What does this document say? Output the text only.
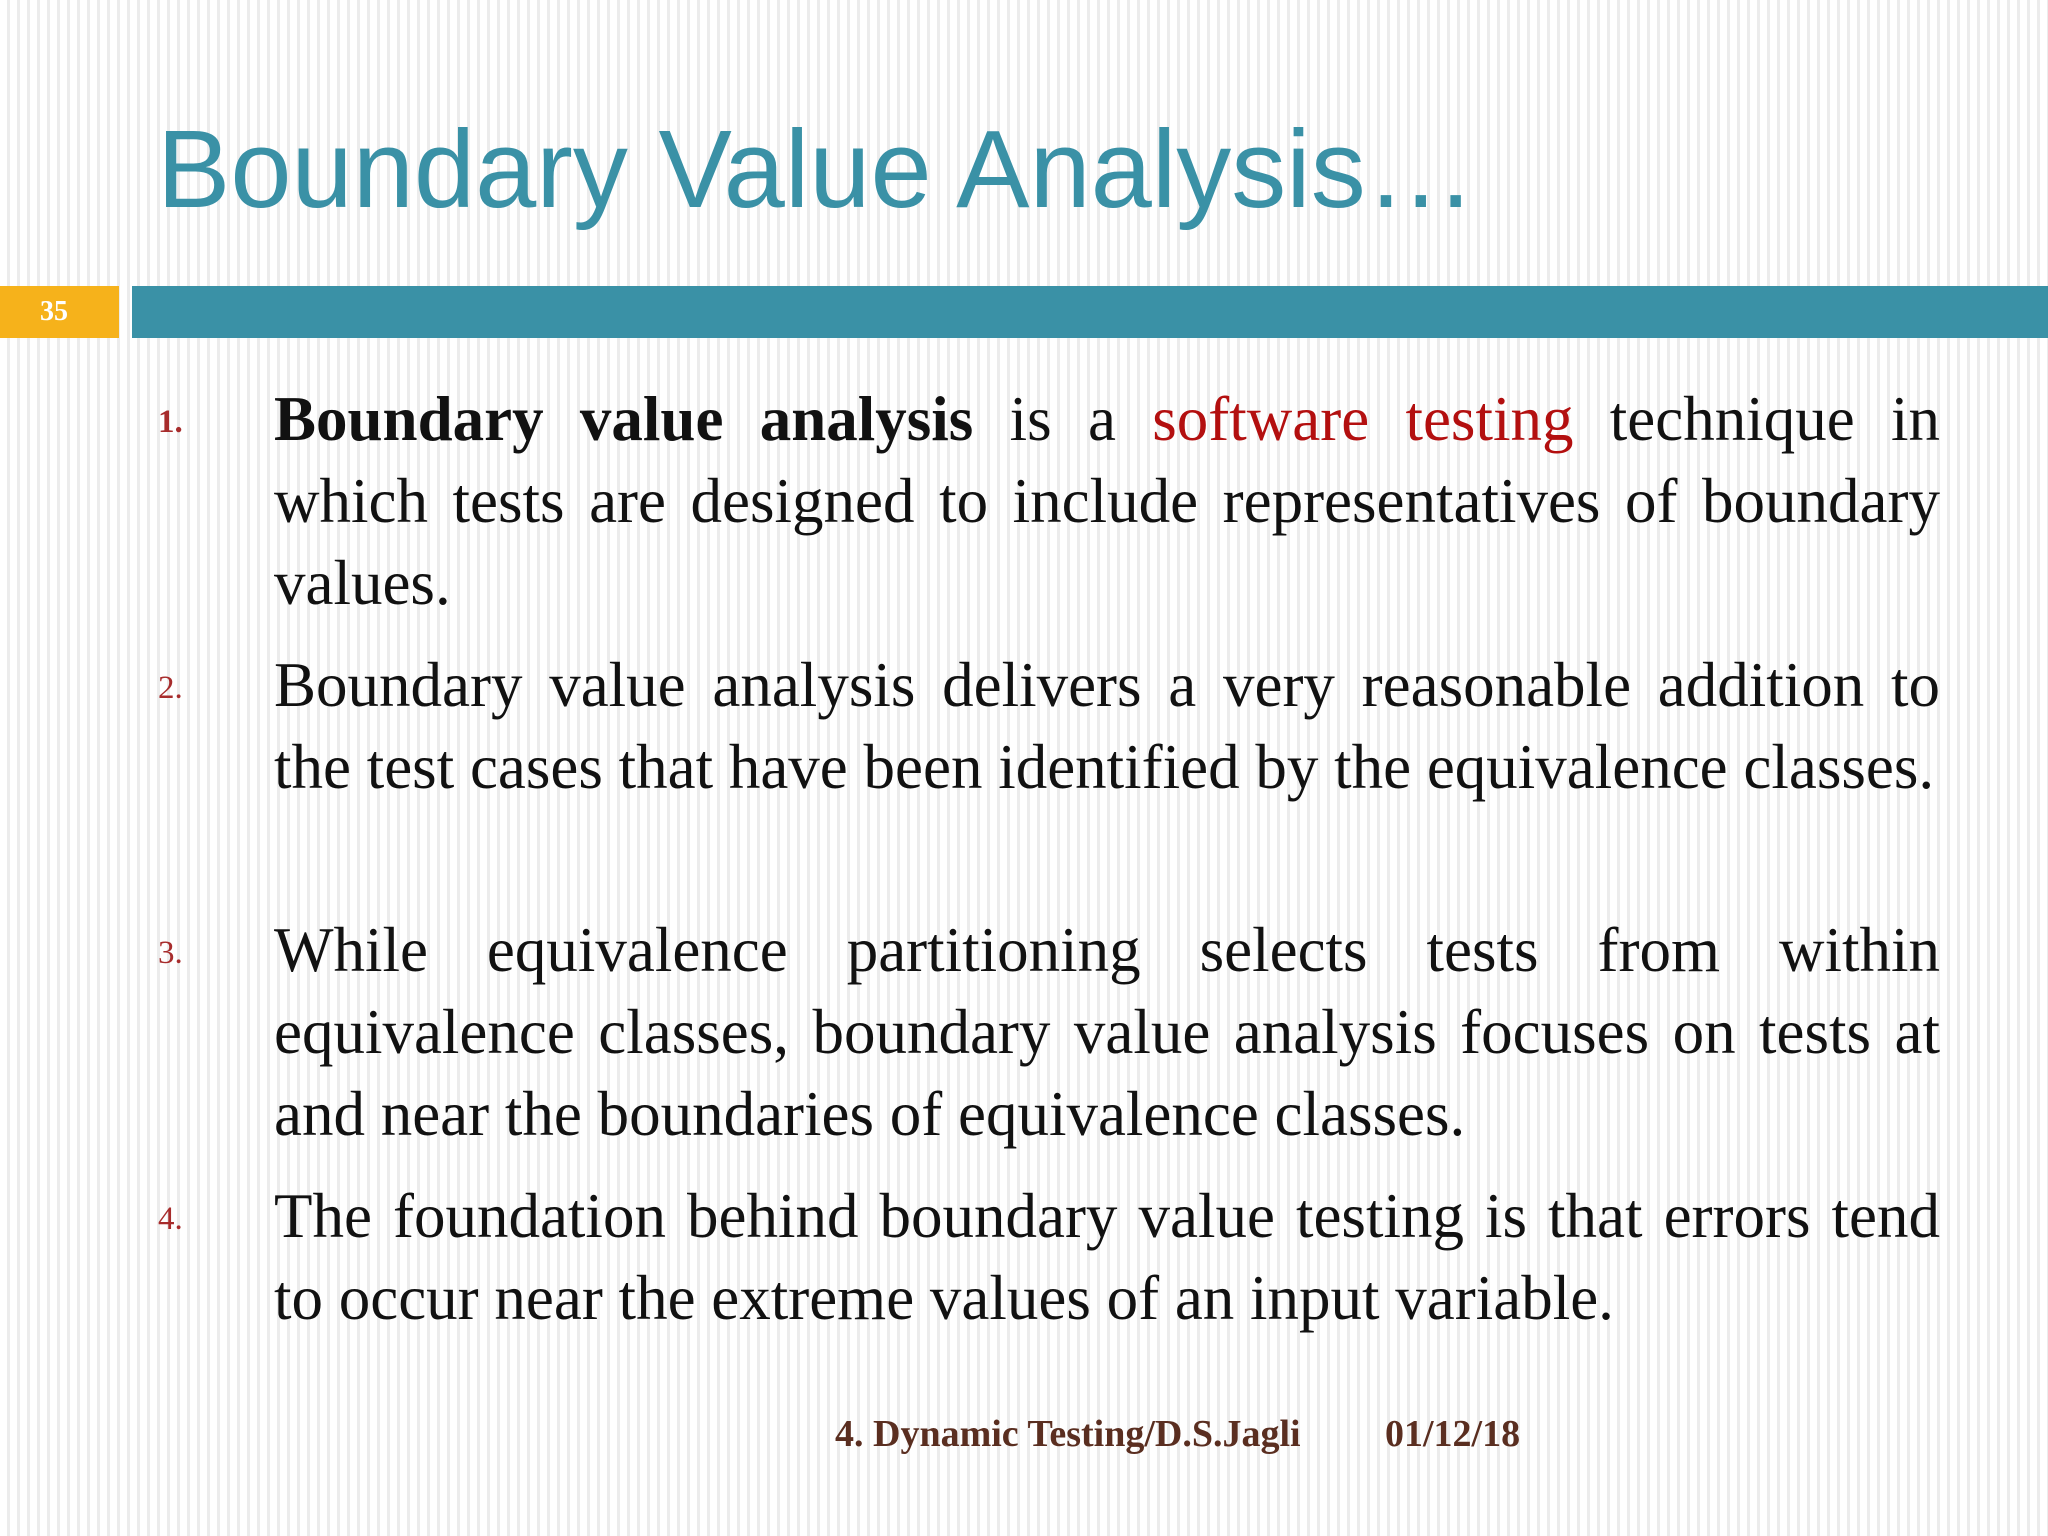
Boundary Value Analysis…
35
1. Boundary value analysis is a software testing technique in which tests are designed to include representatives of boundary values.

2. Boundary value analysis delivers a very reasonable addition to the test cases that have been identified by the equivalence classes.

3. While equivalence partitioning selects tests from within equivalence classes, boundary value analysis focuses on tests at and near the boundaries of equivalence classes.

4. The foundation behind boundary value testing is that errors tend to occur near the extreme values of an input variable.

4. Dynamic Testing/D.S.Jagli 01/12/18
